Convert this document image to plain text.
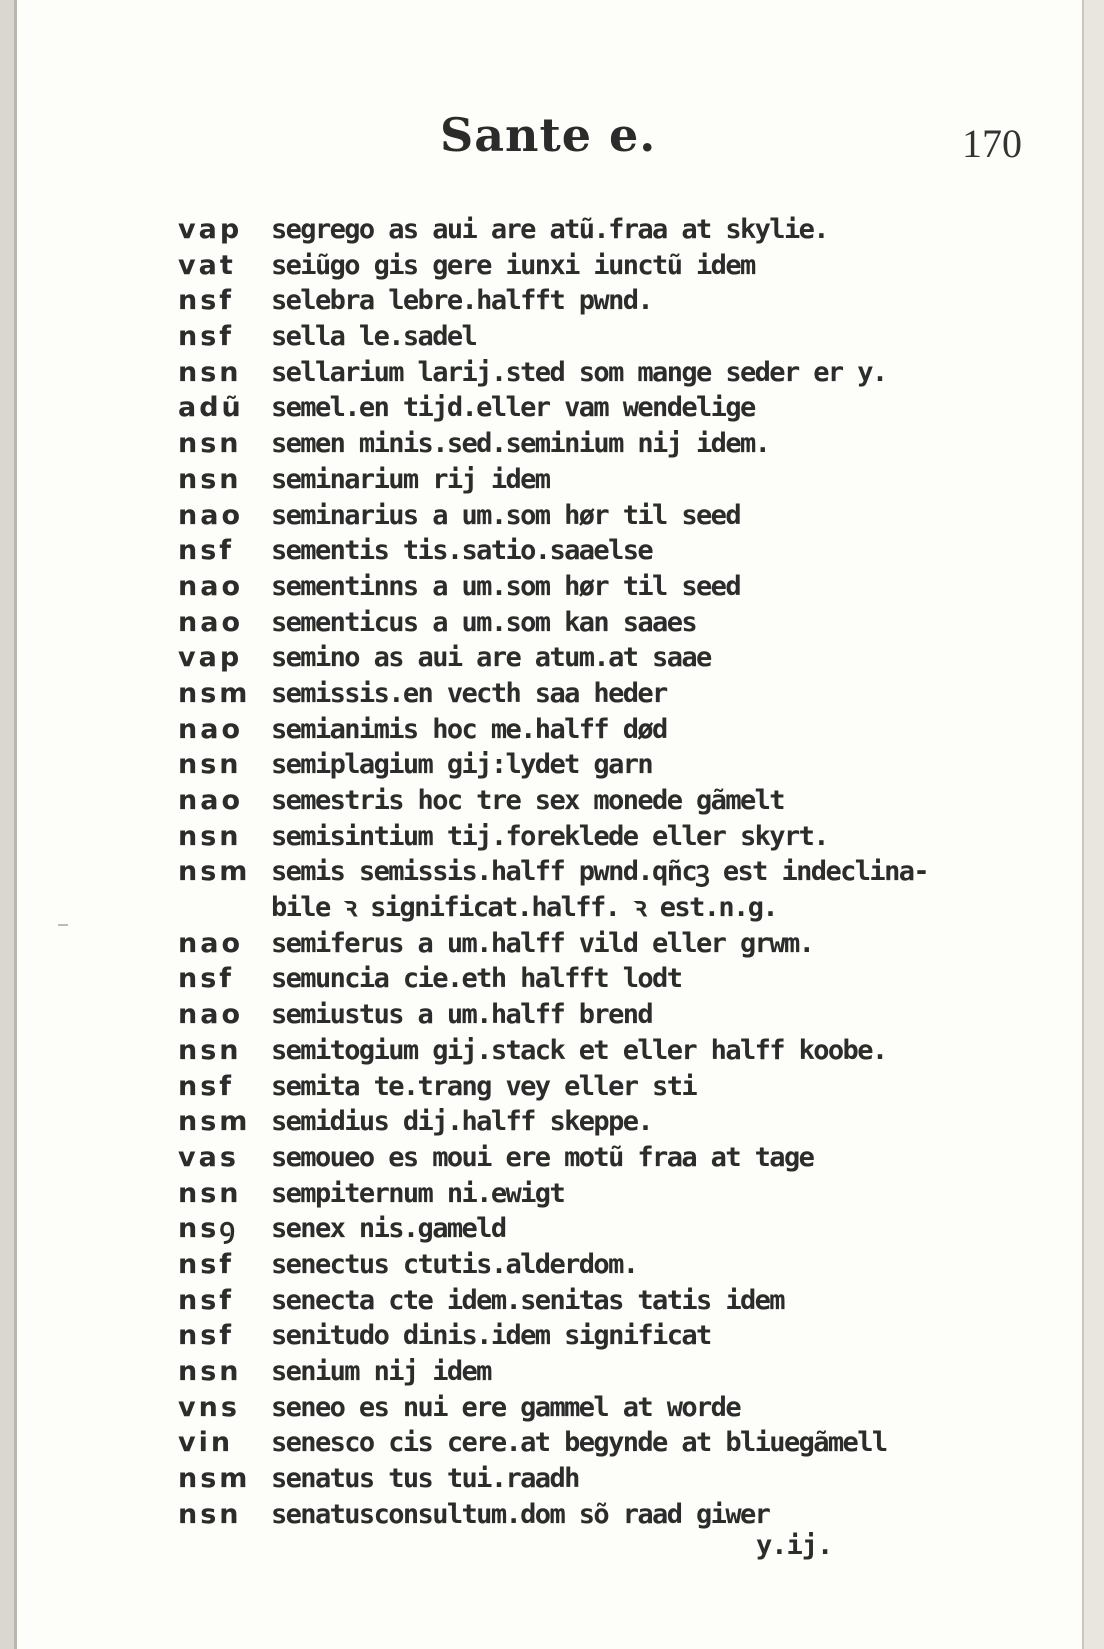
Sante e.	170
vap	segrego as aui are atũ.fraa at skylie.
vat	seiũgo gis gere iunxi iunctũ idem
nsf	selebra lebre.halfft pwnd.
nsf	sella le.sadel
nsn	sellarium larij.sted som mange seder er y.
adũ	semel.en tijd.eller vam wendelige
nsn	semen minis.sed.seminium nij idem.
nsn	seminarium rij idem
nao	seminarius a um.som hør til seed
nsf	sementis tis.satio.saaelse
nao	sementinns a um.som hør til seed
nao	sementicus a um.som kan saaes
vap	semino as aui are atum.at saae
nsm semissis.en vecth saa heder
nao	semianimis hoc me.halff død
nsn	semiplagium gij:lydet garn
nao	semestris hoc tre sex monede gãmelt
nsn	semisintium tij.foreklede eller skyrt.
nsm semis semissis.halff pwnd.qñcꝫ est indeclina-
bile ꝛ significat.halff. ꝛ est.n.g.
nao	semiferus a um.halff vild eller grwm.
nsf	semuncia cie.eth halfft lodt
nao	semiustus a um.halff brend
nsn	semitogium gij.stack et eller halff koobe.
nsf	semita te.trang vey eller sti
nsm semidius dij.halff skeppe.
vas	semoueo es moui ere motũ fraa at tage
nsn	sempiternum ni.ewigt
nsꝯ	senex nis.gameld
nsf	senectus ctutis.alderdom.
nsf	senecta cte idem.senitas tatis idem
nsf	senitudo dinis.idem significat
nsn	senium nij idem
vns	seneo es nui ere gammel at worde
vin	senesco cis cere.at begynde at bliuegãmell
nsm senatus tus tui.raadh
nsn	senatusconsultum.dom sõ raad giwer
y.ij.
